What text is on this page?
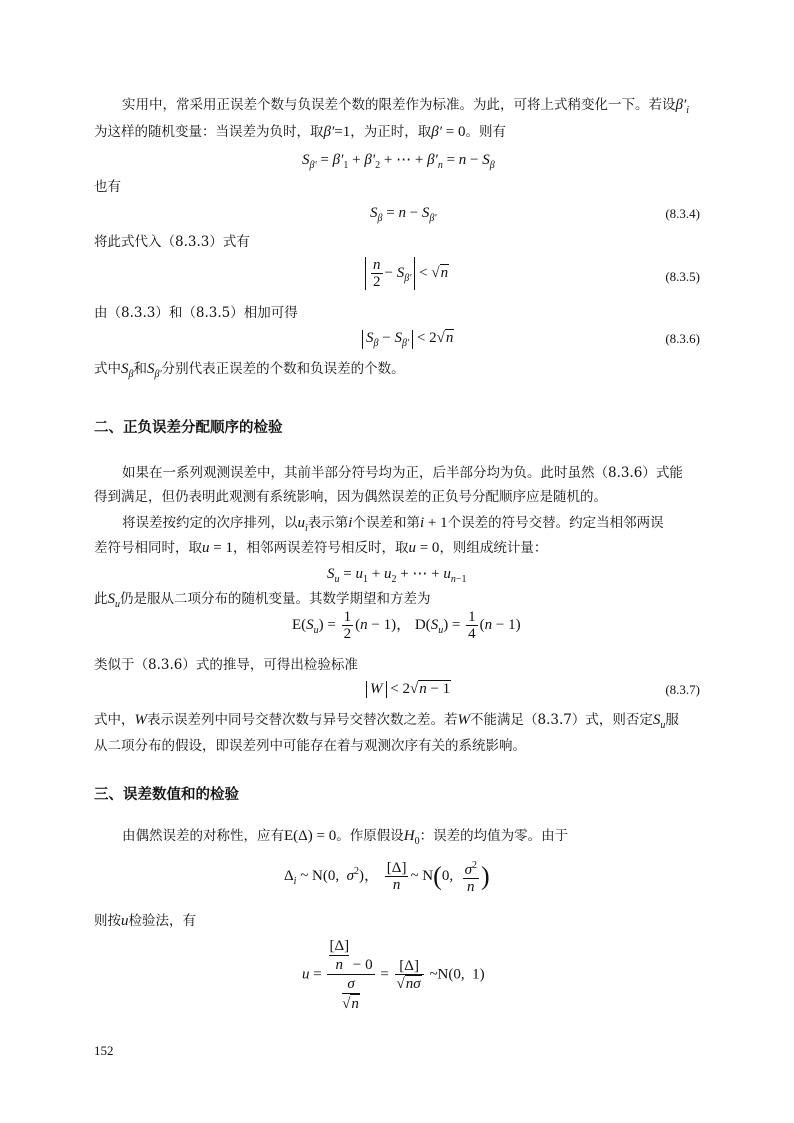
实用中，常采用正误差个数与负误差个数的限差作为标准。为此，可将上式稍变化一下。若设$\beta'_i$
为这样的随机变量：当误差为负时，取β′=1，为正时，取β′ = 0。则有
$S_{\beta'} = \beta'_1 + \beta'_2$ + ⋯ + $\beta'_n = n - S_\beta$
也有
$S_\beta = n - S_{\beta'}$	(8.3.4)
将此式代入（8.3.3）式有
$\frac{n}{2} - S_{\beta'} < √n$	(8.3.5)
由（8.3.3）和（8.3.5）相加可得
$S_\beta - S_{\beta'} < 2√n$	(8.3.6)
式中$S_\beta$和$S_{\beta'}$分别代表正误差的个数和负误差的个数。
二、正负误差分配顺序的检验
如果在一系列观测误差中，其前半部分符号均为正，后半部分均为负。此时虽然（8.3.6）式能
得到满足，但仍表明此观测有系统影响，因为偶然误差的正负号分配顺序应是随机的。
将误差按约定的次序排列，以$u_i$表示第i个误差和第i + 1个误差的符号交替。约定当相邻两误
差符号相同时，取u = 1，相邻两误差符号相反时，取u = 0，则组成统计量：
$S_u = u_1 + u_2$ + ⋯ + $u_{n-1}$
此$S_u$仍是服从二项分布的随机变量。其数学期望和方差为
$E(S_u) = \frac{1}{2} (n - 1)$， $D(S_u) = \frac{1}{4} (n - 1)$
类似于（8.3.6）式的推导，可得出检验标准
W < 2√n − 1	(8.3.7)
式中，W表示误差列中同号交替次数与异号交替次数之差。若W不能满足（8.3.7）式，则否定$S_u$服
从二项分布的假设，即误差列中可能存在着与观测次序有关的系统影响。
三、误差数值和的检验
由偶然误差的对称性，应有E(Δ) = 0。作原假设$H_0$：误差的均值为零。由于
$\Delta_i$ ~ N(0,  $\sigma^2$)， $\frac{[\Delta]}{n}$ ~ N(0, $\frac{\sigma^2}{n}$ )
则按u检验法，有
$u = \frac{\frac{[\Delta]}{n} - 0}{\frac{\sigma}{√n}} = \frac{[\Delta]}{√n\sigma}$ ~N(0,  1)
152
